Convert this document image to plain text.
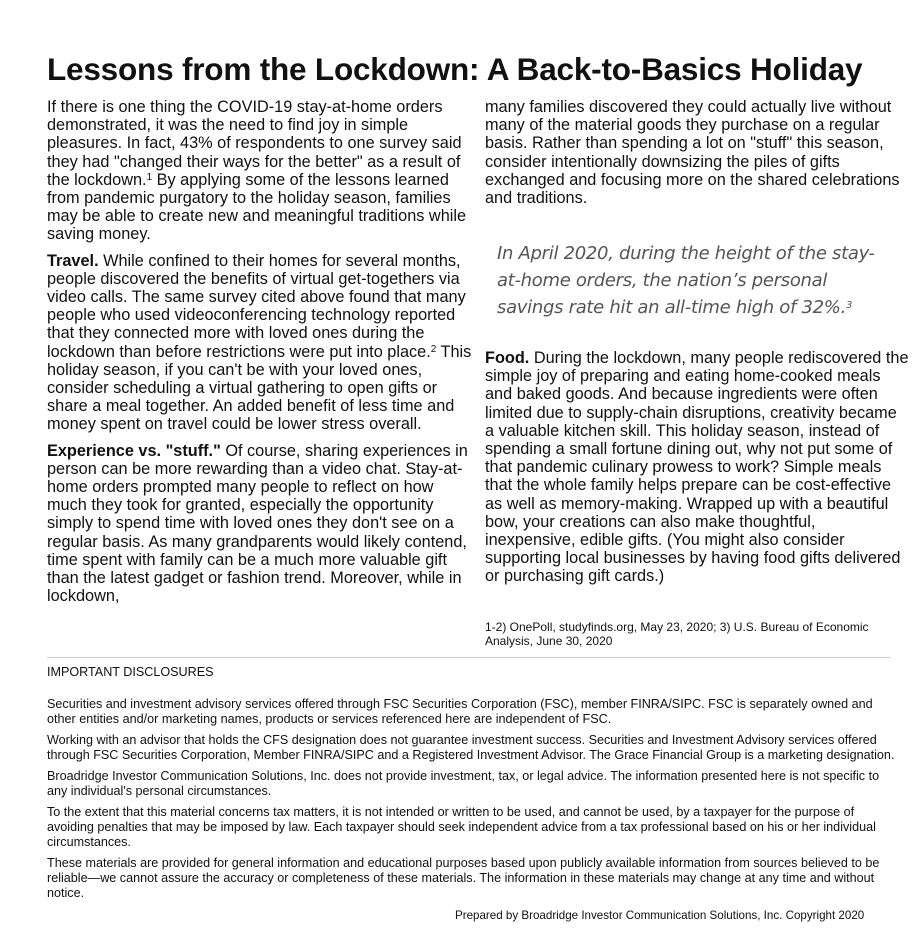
Lessons from the Lockdown: A Back-to-Basics Holiday

If there is one thing the COVID-19 stay-at-home orders demonstrated, it was the need to find joy in simple pleasures. In fact, 43% of respondents to one survey said they had "changed their ways for the better" as a result of the lockdown.$^1$ By applying some of the lessons learned from pandemic purgatory to the holiday season, families may be able to create new and meaningful traditions while saving money.

Travel. While confined to their homes for several months, people discovered the benefits of virtual get-togethers via video calls. The same survey cited above found that many people who used videoconferencing technology reported that they connected more with loved ones during the lockdown than before restrictions were put into place.$^2$ This holiday season, if you can't be with your loved ones, consider scheduling a virtual gathering to open gifts or share a meal together. An added benefit of less time and money spent on travel could be lower stress overall.

Experience vs. "stuff." Of course, sharing experiences in person can be more rewarding than a video chat. Stay-at-home orders prompted many people to reflect on how much they took for granted, especially the opportunity simply to spend time with loved ones they don't see on a regular basis. As many grandparents would likely contend, time spent with family can be a much more valuable gift than the latest gadget or fashion trend. Moreover, while in lockdown,

many families discovered they could actually live without many of the material goods they purchase on a regular basis. Rather than spending a lot on "stuff" this season, consider intentionally downsizing the piles of gifts exchanged and focusing more on the shared celebrations and traditions.

In April 2020, during the height of the stay-at-home orders, the nation’s personal savings rate hit an all-time high of 32%.$^3$

Food. During the lockdown, many people rediscovered the simple joy of preparing and eating home-cooked meals and baked goods. And because ingredients were often limited due to supply-chain disruptions, creativity became a valuable kitchen skill. This holiday season, instead of spending a small fortune dining out, why not put some of that pandemic culinary prowess to work? Simple meals that the whole family helps prepare can be cost-effective as well as memory-making. Wrapped up with a beautiful bow, your creations can also make thoughtful, inexpensive, edible gifts. (You might also consider supporting local businesses by having food gifts delivered or purchasing gift cards.)

1-2) OnePoll, studyfinds.org, May 23, 2020; 3) U.S. Bureau of Economic Analysis, June 30, 2020
IMPORTANT DISCLOSURES

Securities and investment advisory services offered through FSC Securities Corporation (FSC), member FINRA/SIPC. FSC is separately owned and other entities and/or marketing names, products or services referenced here are independent of FSC.

Working with an advisor that holds the CFS designation does not guarantee investment success. Securities and Investment Advisory services offered through FSC Securities Corporation, Member FINRA/SIPC and a Registered Investment Advisor. The Grace Financial Group is a marketing designation.

Broadridge Investor Communication Solutions, Inc. does not provide investment, tax, or legal advice. The information presented here is not specific to any individual's personal circumstances.

To the extent that this material concerns tax matters, it is not intended or written to be used, and cannot be used, by a taxpayer for the purpose of avoiding penalties that may be imposed by law. Each taxpayer should seek independent advice from a tax professional based on his or her individual circumstances.

These materials are provided for general information and educational purposes based upon publicly available information from sources believed to be reliable—we cannot assure the accuracy or completeness of these materials. The information in these materials may change at any time and without notice.

Prepared by Broadridge Investor Communication Solutions, Inc. Copyright 2020
